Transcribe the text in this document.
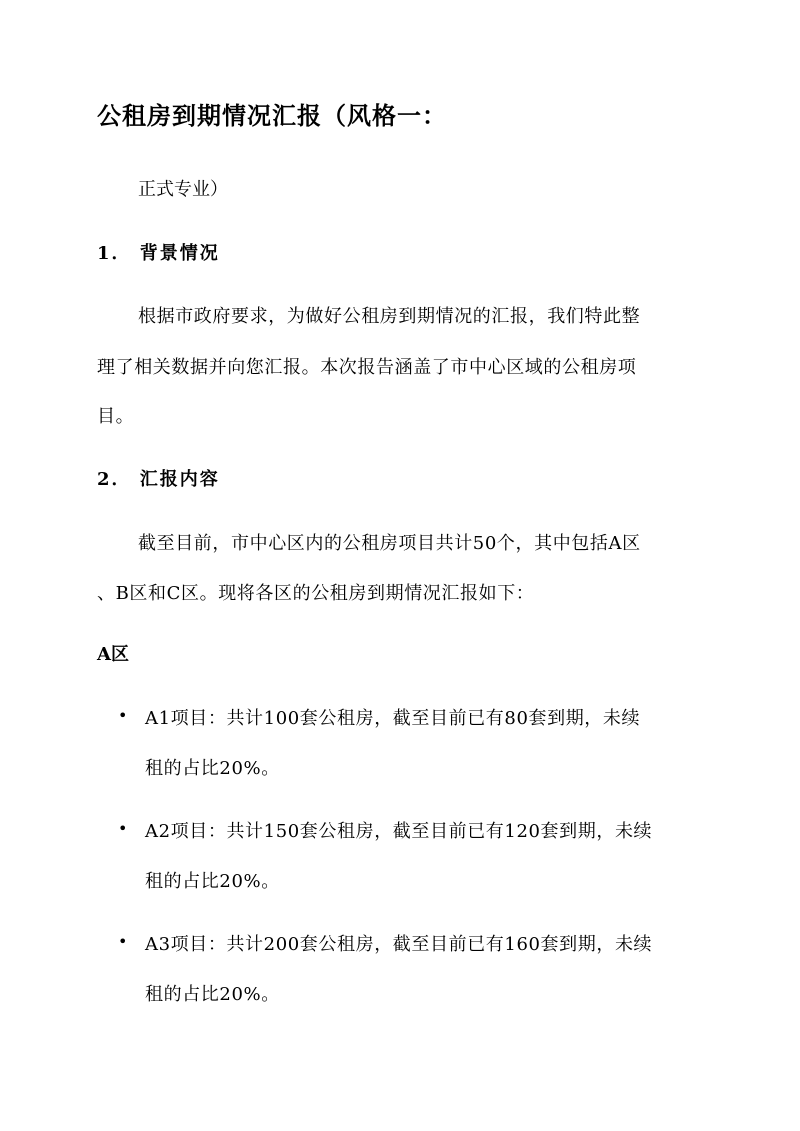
公租房到期情况汇报（风格一：
正式专业）
1． 背景情况
根据市政府要求，为做好公租房到期情况的汇报，我们特此整
理了相关数据并向您汇报。本次报告涵盖了市中心区域的公租房项
目。
2． 汇报内容
截至目前，市中心区内的公租房项目共计50个，其中包括A区
、B区和C区。现将各区的公租房到期情况汇报如下：
A区
• A1项目：共计100套公租房，截至目前已有80套到期，未续
租的占比20%。
• A2项目：共计150套公租房，截至目前已有120套到期，未续
租的占比20%。
• A3项目：共计200套公租房，截至目前已有160套到期，未续
租的占比20%。
